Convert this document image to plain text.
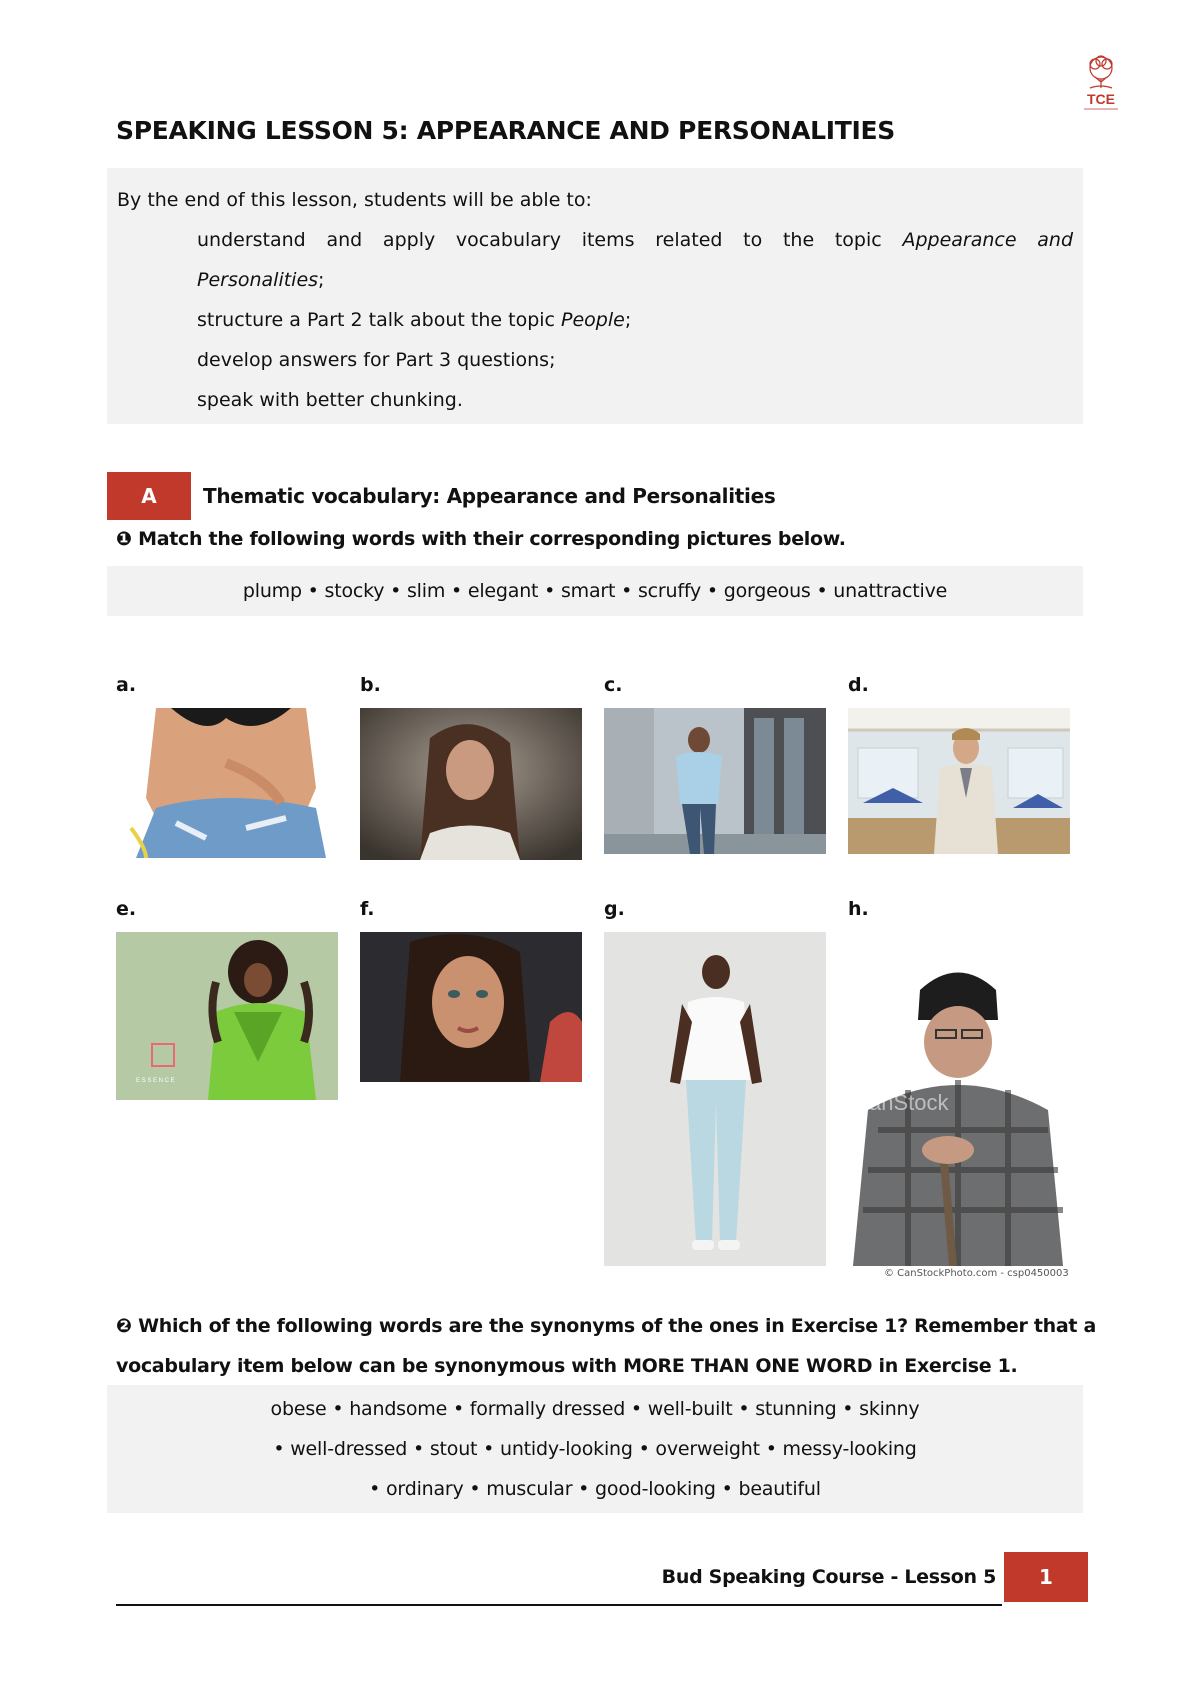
TCE
SPEAKING LESSON 5: APPEARANCE AND PERSONALITIES

By the end of this lesson, students will be able to:

understand and apply vocabulary items related to the topic Appearance and
Personalities;
structure a Part 2 talk about the topic People;
develop answers for Part 3 questions;
speak with better chunking.
A	Thematic vocabulary: Appearance and Personalities
❶ Match the following words with their corresponding pictures below.
plump • stocky • slim • elegant • smart • scruffy • gorgeous • unattractive
a.	b.	c.	d.
e.	f.	g.	h.
E S S E N C E
canStock
© CanStockPhoto.com - csp0450003
❷ Which of the following words are the synonyms of the ones in Exercise 1? Remember that a vocabulary item below can be synonymous with MORE THAN ONE WORD in Exercise 1.
obese • handsome • formally dressed • well-built • stunning • skinny
• well-dressed • stout • untidy-looking • overweight • messy-looking
• ordinary • muscular • good-looking • beautiful
Bud Speaking Course - Lesson 5	1
